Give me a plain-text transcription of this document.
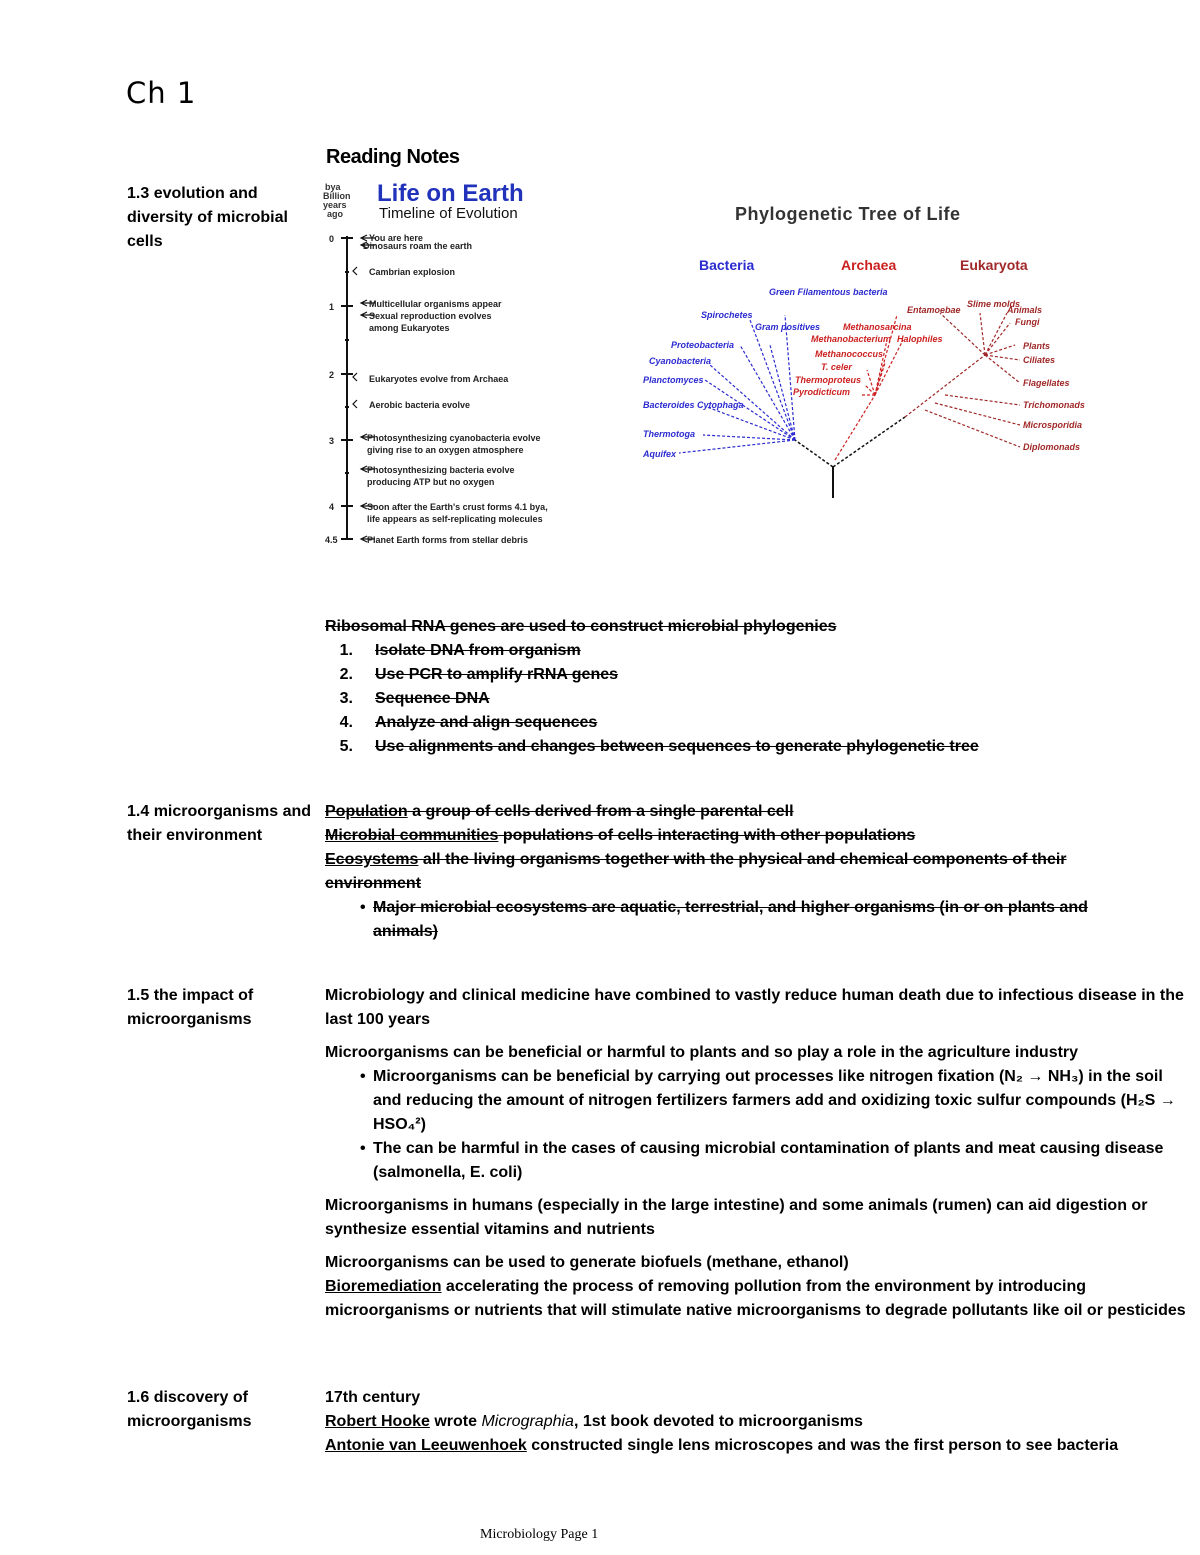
Ch 1
Reading Notes
1.3 evolution and diversity of microbial cells
bya Billion years ago
Life on Earth
Timeline of Evolution
0
1
2
3
4
4.5
You are here
Dinosaurs roam the earth
Cambrian explosion
Multicellular organisms appear
Sexual reproduction evolves
among Eukaryotes
Eukaryotes evolve from Archaea
Aerobic bacteria evolve
Photosynthesizing cyanobacteria evolve
giving rise to an oxygen atmosphere
Photosynthesizing bacteria evolve
producing ATP but no oxygen
Soon after the Earth's crust forms 4.1 bya,
life appears as self-replicating molecules
Planet Earth forms from stellar debris
Phylogenetic Tree of Life
Bacteria	Archaea	Eukaryota
Spirochetes
Green Filamentous bacteria
Gram positives
Proteobacteria
Cyanobacteria
Planctomyces
Bacteroides Cytophaga
Thermotoga
Aquifex
Methanosarcina
Methanobacterium Halophiles
Methanococcus
T. celer
Thermoproteus
Pyrodicticum
Entamoebae
Slime molds
Animals
Fungi
Plants
Ciliates
Flagellates
Trichomonads
Microsporidia
Diplomonads
Ribosomal RNA genes are used to construct microbial phylogenies
1. Isolate DNA from organism
2. Use PCR to amplify rRNA genes
3. Sequence DNA
4. Analyze and align sequences
5. Use alignments and changes between sequences to generate phylogenetic tree
1.4 microorganisms and their environment

Population a group of cells derived from a single parental cell

Microbial communities populations of cells interacting with other populations

Ecosystems all the living organisms together with the physical and chemical components of their environment

• Major microbial ecosystems are aquatic, terrestrial, and higher organisms (in or on plants and animals)

1.5 the impact of microorganisms

Microbiology and clinical medicine have combined to vastly reduce human death due to infectious disease in the last 100 years

Microorganisms can be beneficial or harmful to plants and so play a role in the agriculture industry

• Microorganisms can be beneficial by carrying out processes like nitrogen fixation (N₂ → NH₃) in the soil and reducing the amount of nitrogen fertilizers farmers add and oxidizing toxic sulfur compounds (H₂S → HSO₄²)

• The can be harmful in the cases of causing microbial contamination of plants and meat causing disease (salmonella, E. coli)

Microorganisms in humans (especially in the large intestine) and some animals (rumen) can aid digestion or synthesize essential vitamins and nutrients

Microorganisms can be used to generate biofuels (methane, ethanol)

Bioremediation accelerating the process of removing pollution from the environment by introducing microorganisms or nutrients that will stimulate native microorganisms to degrade pollutants like oil or pesticides

1.6 discovery of microorganisms

17th century

Robert Hooke wrote Micrographia, 1st book devoted to microorganisms

Antonie van Leeuwenhoek constructed single lens microscopes and was the first person to see bacteria

Microbiology Page 1
